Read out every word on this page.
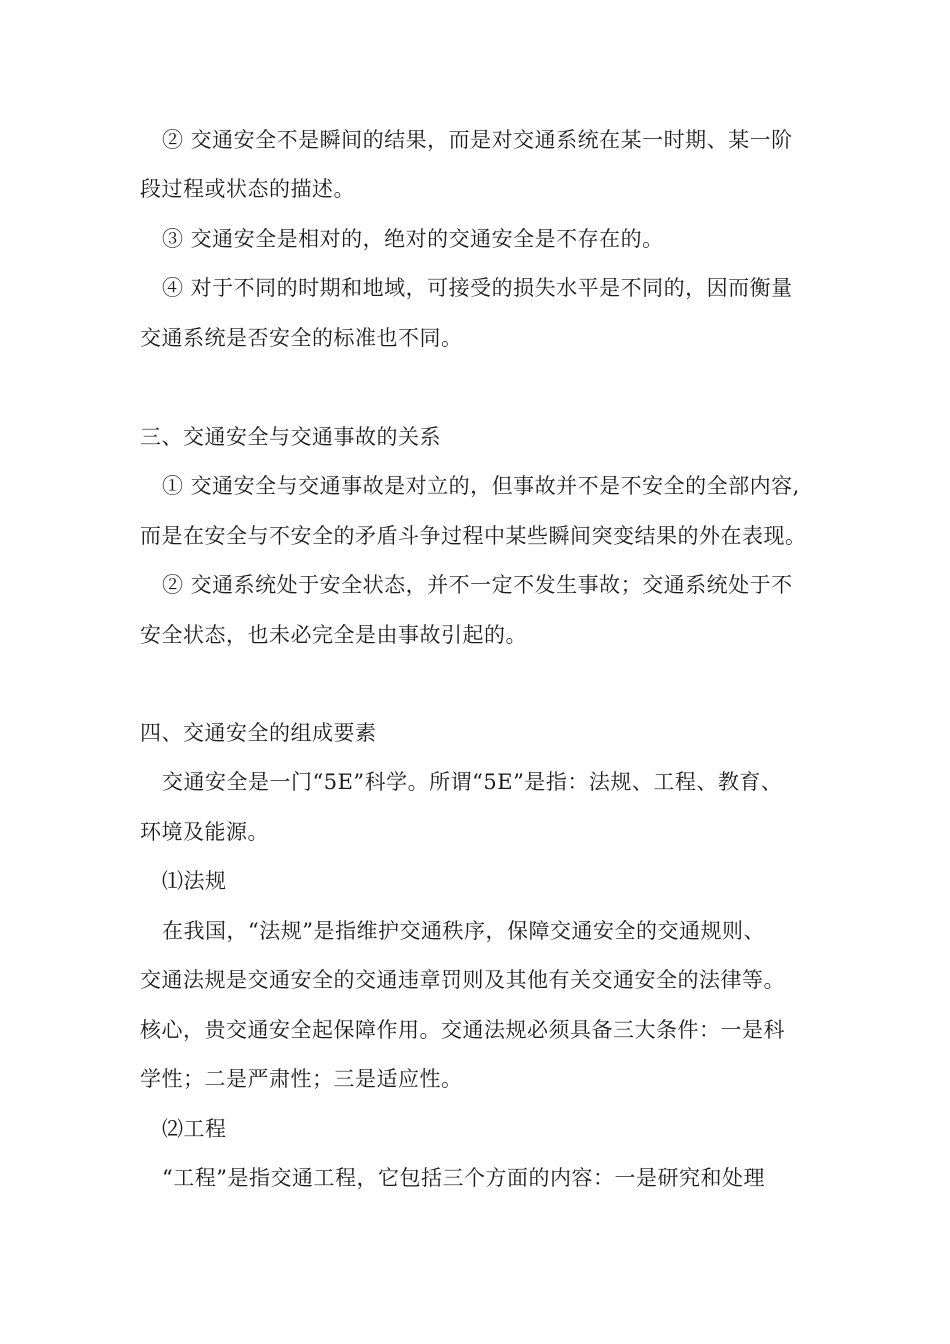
② 交通安全不是瞬间的结果，而是对交通系统在某一时期、某一阶
段过程或状态的描述。
③ 交通安全是相对的，绝对的交通安全是不存在的。
④ 对于不同的时期和地域，可接受的损失水平是不同的，因而衡量
交通系统是否安全的标准也不同。
三、交通安全与交通事故的关系
① 交通安全与交通事故是对立的，但事故并不是不安全的全部内容,
而是在安全与不安全的矛盾斗争过程中某些瞬间突变结果的外在表现。
② 交通系统处于安全状态，并不一定不发生事故；交通系统处于不
安全状态，也未必完全是由事故引起的。
四、交通安全的组成要素
交通安全是一门“5E”科学。所谓“5E”是指：法规、工程、教育、
环境及能源。
⑴法规
在我国，“法规”是指维护交通秩序，保障交通安全的交通规则、
交通法规是交通安全的交通违章罚则及其他有关交通安全的法律等。
核心，贵交通安全起保障作用。交通法规必须具备三大条件：一是科
学性；二是严肃性；三是适应性。
⑵工程
“工程”是指交通工程，它包括三个方面的内容：一是研究和处理
